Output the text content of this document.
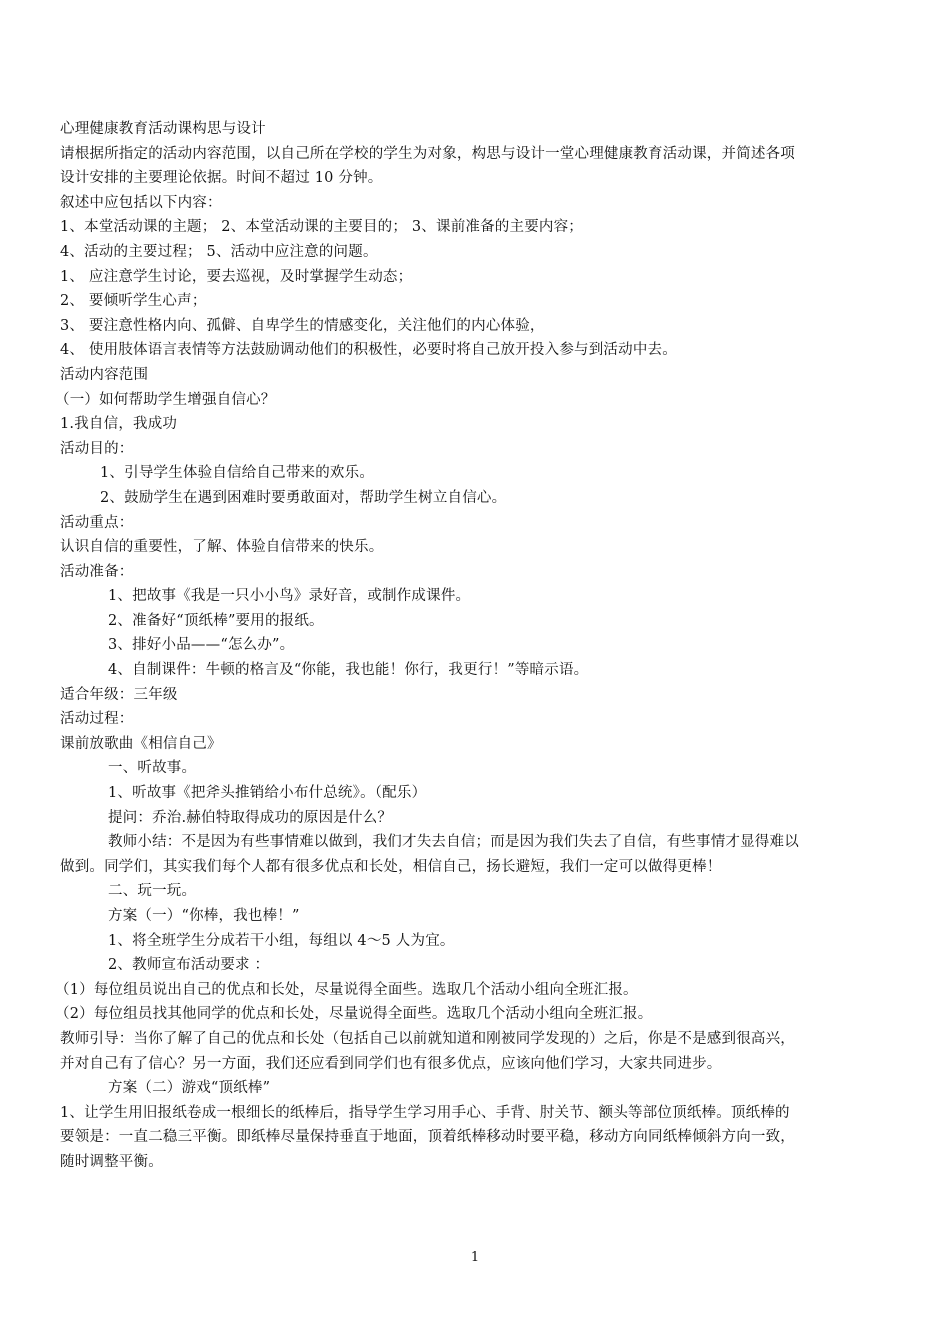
心理健康教育活动课构思与设计
请根据所指定的活动内容范围，以自己所在学校的学生为对象，构思与设计一堂心理健康教育活动课，并简述各项
设计安排的主要理论依据。时间不超过 10 分钟。
叙述中应包括以下内容：
1、本堂活动课的主题； 2、本堂活动课的主要目的； 3、课前准备的主要内容；
4、活动的主要过程； 5、活动中应注意的问题。
1、 应注意学生讨论，要去巡视，及时掌握学生动态；
2、 要倾听学生心声；
3、 要注意性格内向、孤僻、自卑学生的情感变化，关注他们的内心体验，
4、 使用肢体语言表情等方法鼓励调动他们的积极性，必要时将自己放开投入参与到活动中去。
活动内容范围
（一）如何帮助学生增强自信心？
1.我自信，我成功
活动目的：
1、引导学生体验自信给自己带来的欢乐。
2、鼓励学生在遇到困难时要勇敢面对，帮助学生树立自信心。
活动重点：
认识自信的重要性，了解、体验自信带来的快乐。
活动准备：
1、把故事《我是一只小小鸟》录好音，或制作成课件。
2、准备好“顶纸棒”要用的报纸。
3、排好小品——“怎么办”。
4、自制课件：牛顿的格言及“你能，我也能！你行，我更行！”等暗示语。
适合年级：三年级
活动过程：
课前放歌曲《相信自己》
一、听故事。
1、听故事《把斧头推销给小布什总统》。（配乐）
提问：乔治.赫伯特取得成功的原因是什么？
教师小结：不是因为有些事情难以做到，我们才失去自信；而是因为我们失去了自信，有些事情才显得难以
做到。同学们，其实我们每个人都有很多优点和长处，相信自己，扬长避短，我们一定可以做得更棒！
二、玩一玩。
方案（一）“你棒，我也棒！”
1、将全班学生分成若干小组，每组以 4～5 人为宜。
2、教师宣布活动要求 ：
（1）每位组员说出自己的优点和长处，尽量说得全面些。选取几个活动小组向全班汇报。
（2）每位组员找其他同学的优点和长处，尽量说得全面些。选取几个活动小组向全班汇报。
教师引导：当你了解了自己的优点和长处（包括自己以前就知道和刚被同学发现的）之后，你是不是感到很高兴，
并对自己有了信心？另一方面，我们还应看到同学们也有很多优点，应该向他们学习，大家共同进步。
方案（二）游戏“顶纸棒”
1、让学生用旧报纸卷成一根细长的纸棒后，指导学生学习用手心、手背、肘关节、额头等部位顶纸棒。顶纸棒的
要领是：一直二稳三平衡。即纸棒尽量保持垂直于地面，顶着纸棒移动时要平稳，移动方向同纸棒倾斜方向一致，
随时调整平衡。
1
